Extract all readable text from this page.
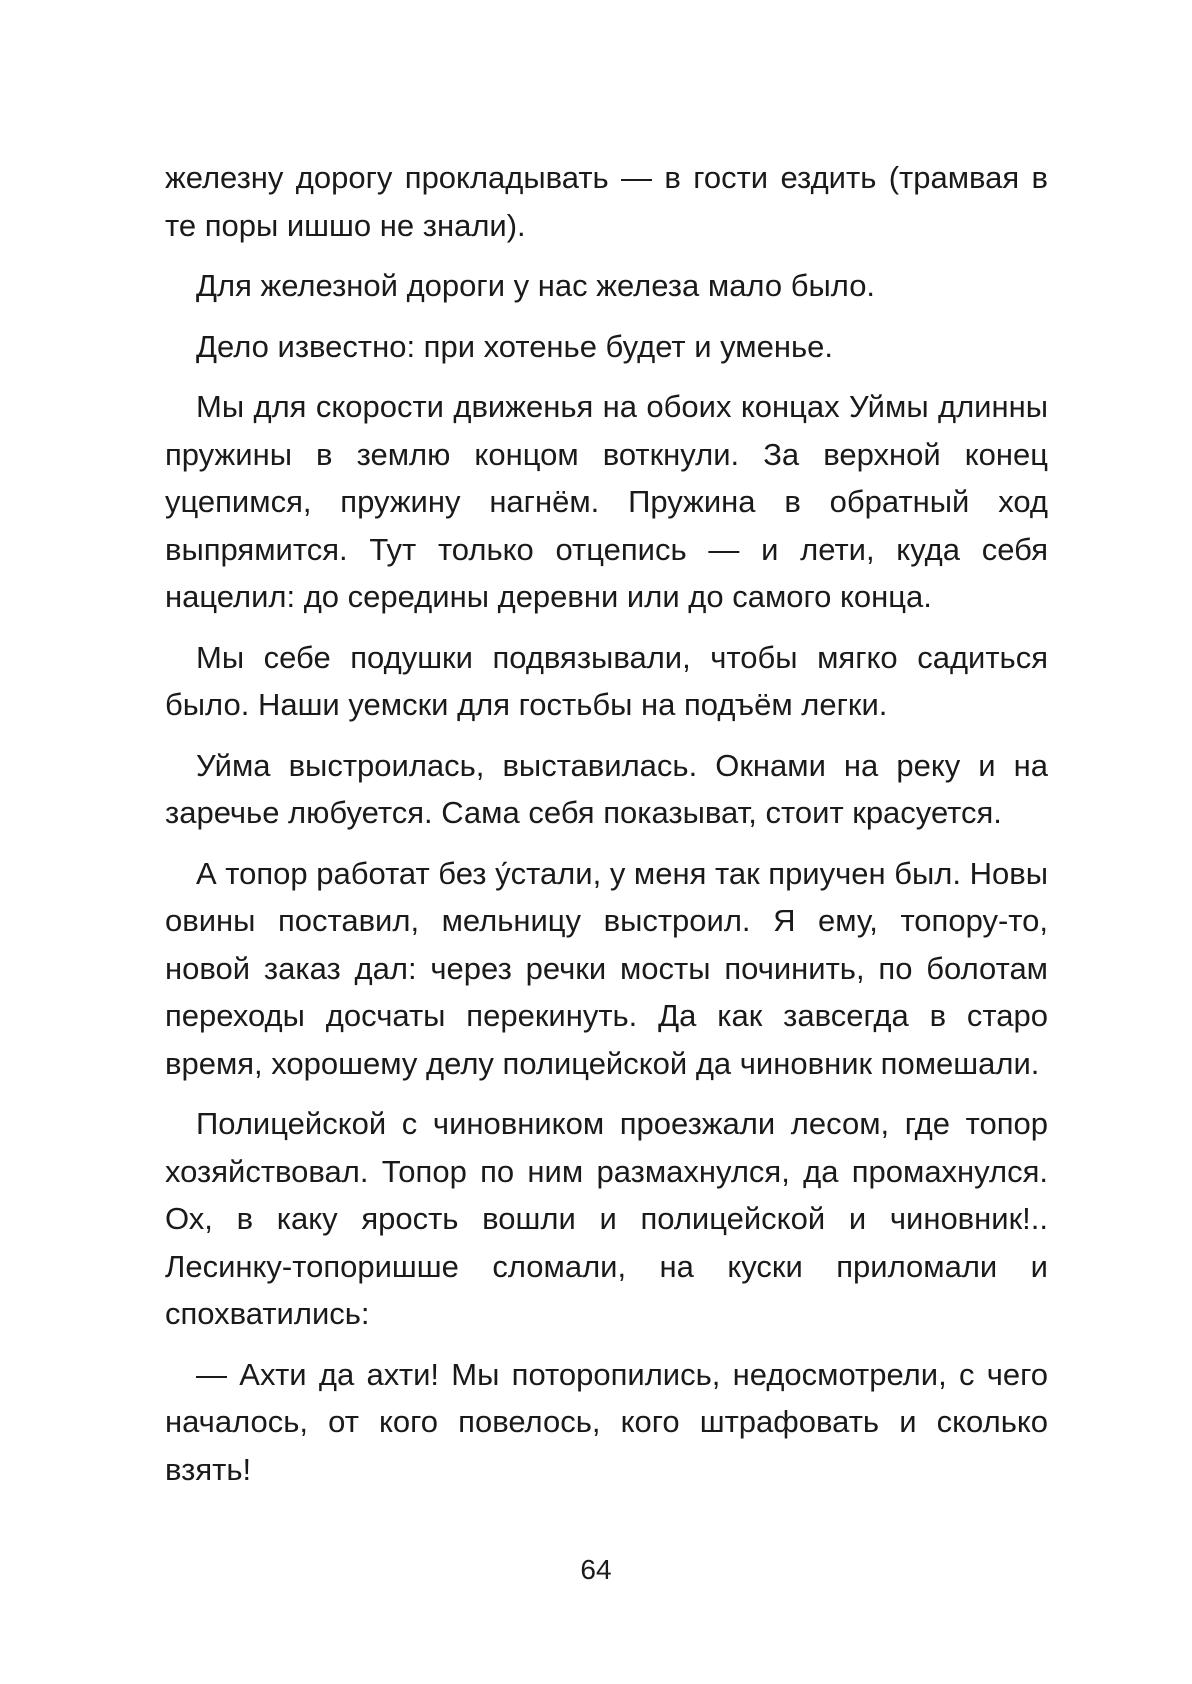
железну дорогу прокладывать — в гости ездить (трамвая в те поры ишшо не знали).

Для железной дороги у нас железа мало было.

Дело известно: при хотенье будет и уменье.

Мы для скорости движенья на обоих концах Уймы длинны пружины в землю концом воткнули. За верхной конец уцепимся, пружину нагнём. Пружина в обратный ход выпрямится. Тут только отцепись — и лети, куда себя нацелил: до середины деревни или до самого конца.

Мы себе подушки подвязывали, чтобы мягко садиться было. Наши уемски для гостьбы на подъём легки.

Уйма выстроилась, выставилась. Окнами на реку и на заречье любуется. Сама себя показыват, стоит красуется.

А топор работат без у́стали, у меня так приучен был. Новы овины поставил, мельницу выстроил. Я ему, топору-то, новой заказ дал: через речки мосты починить, по болотам переходы досчаты перекинуть. Да как завсегда в старо время, хорошему делу полицейской да чиновник помешали.

Полицейской с чиновником проезжали лесом, где топор хозяйствовал. Топор по ним размахнулся, да промахнулся. Ох, в каку ярость вошли и полицейской и чиновник!.. Лесинку-топоришше сломали, на куски приломали и спохватились:

— Ахти да ахти! Мы поторопились, недосмотрели, с чего началось, от кого повелось, кого штрафовать и сколько взять!

64
